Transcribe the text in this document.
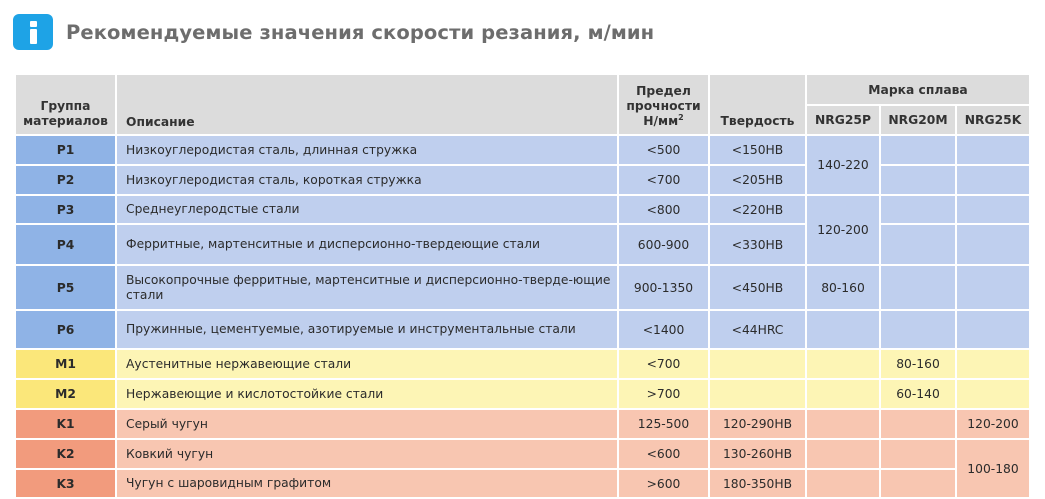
Рекомендуемые значения скорости резания, м/мин
Группа материалов	Описание	Предел прочности $Н/мм^2$	Твердость	Марка сплава		
				NRG25P	NRG20M	NRG25K
P1	Низкоуглеродистая сталь, длинная стружка	<500	<150HB	140-220		
P2	Низкоуглеродистая сталь, короткая стружка	<700	<205HB			
P3	Среднеуглеродстые стали	<800	<220HB	120-200		
P4	Ферритные, мартенситные и дисперсионно-твердеющие стали	600-900	<330HB			
P5	Высокопрочные ферритные, мартенситные и дисперсионно-тверде-ющие стали	900-1350	<450HB	80-160		
P6	Пружинные, цементуемые, азотируемые и инструментальные стали	<1400	<44HRC			
M1	Аустенитные нержавеющие стали	<700			80-160	
M2	Нержавеющие и кислотостойкие стали	>700			60-140	
K1	Серый чугун	125-500	120-290HB			120-200
K2	Ковкий чугун	<600	130-260HB			100-180
K3	Чугун с шаровидным графитом	>600	180-350HB			
